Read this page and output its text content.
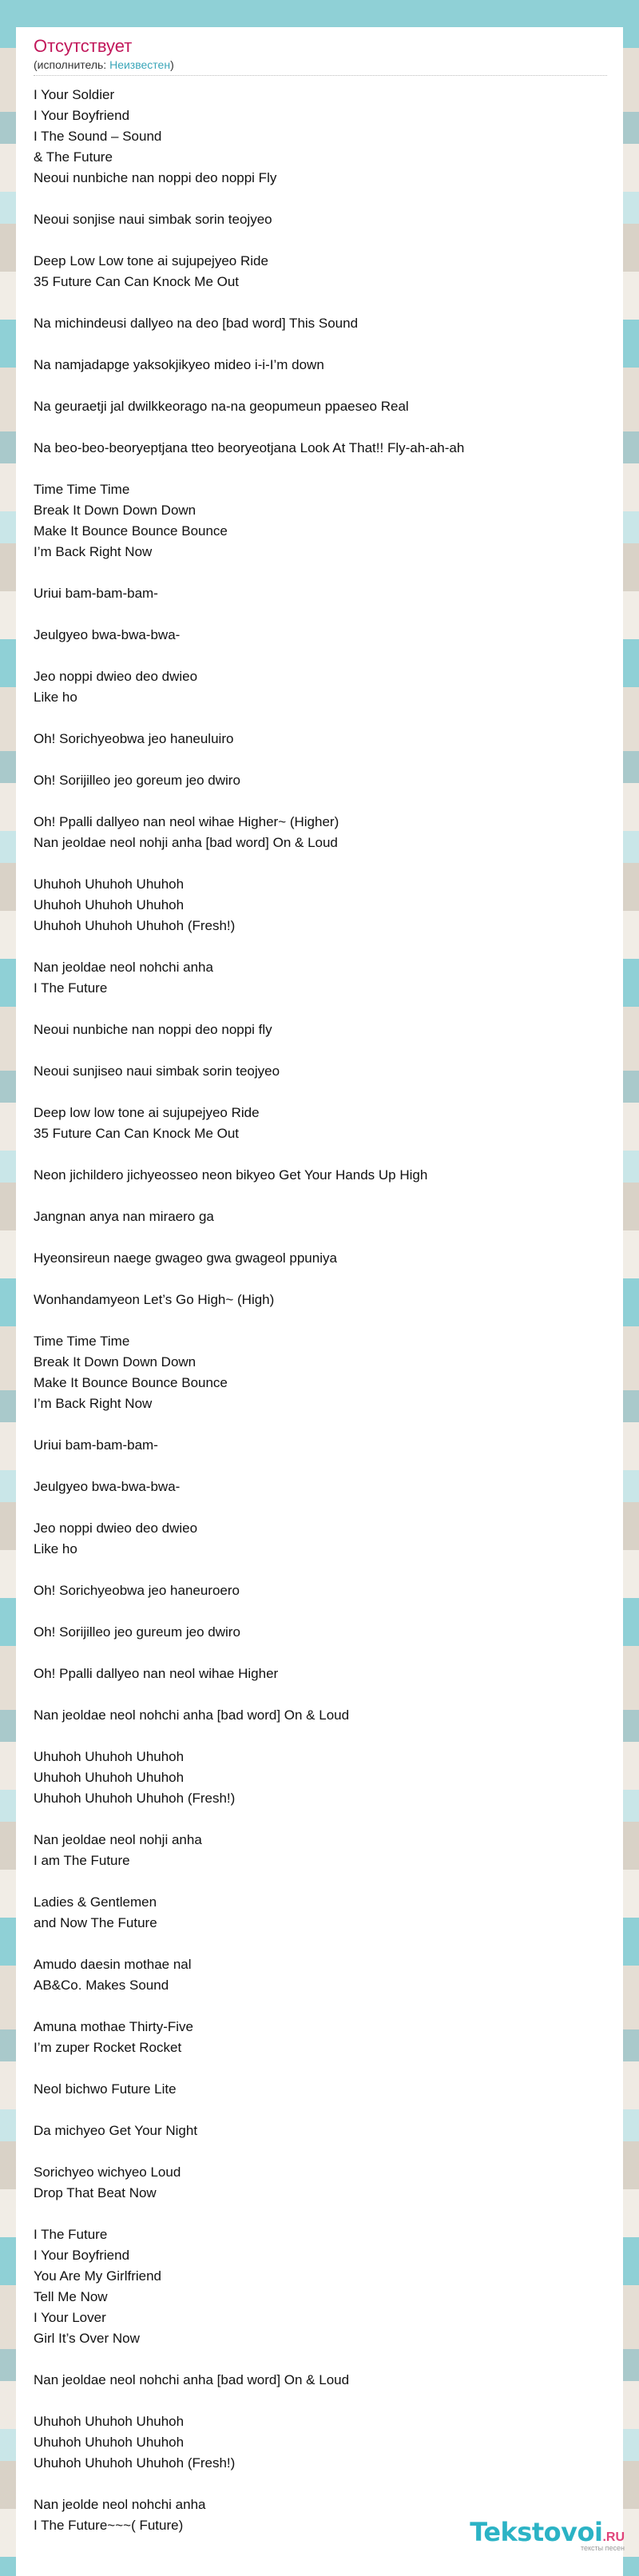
Отсутствует
(исполнитель: Неизвестен)
I Your Soldier
I Your Boyfriend
I The Sound – Sound
& The Future
Neoui nunbiche nan noppi deo noppi Fly
Neoui sonjise naui simbak sorin teojyeo
Deep Low Low tone ai sujupejyeo Ride
35 Future Can Can Knock Me Out
Na michindeusi dallyeo na deo [bad word] This Sound
Na namjadapge yaksokjikyeo mideo i-i-I’m down
Na geuraetji jal dwilkkeorago na-na geopumeun ppaeseo Real
Na beo-beo-beoryeptjana tteo beoryeotjana Look At That!! Fly-ah-ah-ah
Time Time Time
Break It Down Down Down
Make It Bounce Bounce Bounce
I’m Back Right Now
Uriui bam-bam-bam-
Jeulgyeo bwa-bwa-bwa-
Jeo noppi dwieo deo dwieo
Like ho
Oh! Sorichyeobwa jeo haneuluiro
Oh! Sorijilleo jeo goreum jeo dwiro
Oh! Ppalli dallyeo nan neol wihae Higher~ (Higher)
Nan jeoldae neol nohji anha [bad word] On & Loud
Uhuhoh Uhuhoh Uhuhoh
Uhuhoh Uhuhoh Uhuhoh
Uhuhoh Uhuhoh Uhuhoh (Fresh!)
Nan jeoldae neol nohchi anha
I The Future
Neoui nunbiche nan noppi deo noppi fly
Neoui sunjiseo naui simbak sorin teojyeo
Deep low low tone ai sujupejyeo Ride
35 Future Can Can Knock Me Out
Neon jichildero jichyeosseo neon bikyeo Get Your Hands Up High
Jangnan anya nan miraero ga
Hyeonsireun naege gwageo gwa gwageol ppuniya
Wonhandamyeon Let’s Go High~ (High)
Time Time Time
Break It Down Down Down
Make It Bounce Bounce Bounce
I’m Back Right Now
Uriui bam-bam-bam-
Jeulgyeo bwa-bwa-bwa-
Jeo noppi dwieo deo dwieo
Like ho
Oh! Sorichyeobwa jeo haneuroero
Oh! Sorijilleo jeo gureum jeo dwiro
Oh! Ppalli dallyeo nan neol wihae Higher
Nan jeoldae neol nohchi anha [bad word] On & Loud
Uhuhoh Uhuhoh Uhuhoh
Uhuhoh Uhuhoh Uhuhoh
Uhuhoh Uhuhoh Uhuhoh (Fresh!)
Nan jeoldae neol nohji anha
I am The Future
Ladies & Gentlemen
and Now The Future
Amudo daesin mothae nal
AB&Co. Makes Sound
Amuna mothae Thirty-Five
I’m zuper Rocket Rocket
Neol bichwo Future Lite
Da michyeo Get Your Night
Sorichyeo wichyeo Loud
Drop That Beat Now
I The Future
I Your Boyfriend
You Are My Girlfriend
Tell Me Now
I Your Lover
Girl It’s Over Now
Nan jeoldae neol nohchi anha [bad word] On & Loud
Uhuhoh Uhuhoh Uhuhoh
Uhuhoh Uhuhoh Uhuhoh
Uhuhoh Uhuhoh Uhuhoh (Fresh!)
Nan jeolde neol nohchi anha
I The Future~~~( Future)	Tekstovoi.RU
тексты песен
